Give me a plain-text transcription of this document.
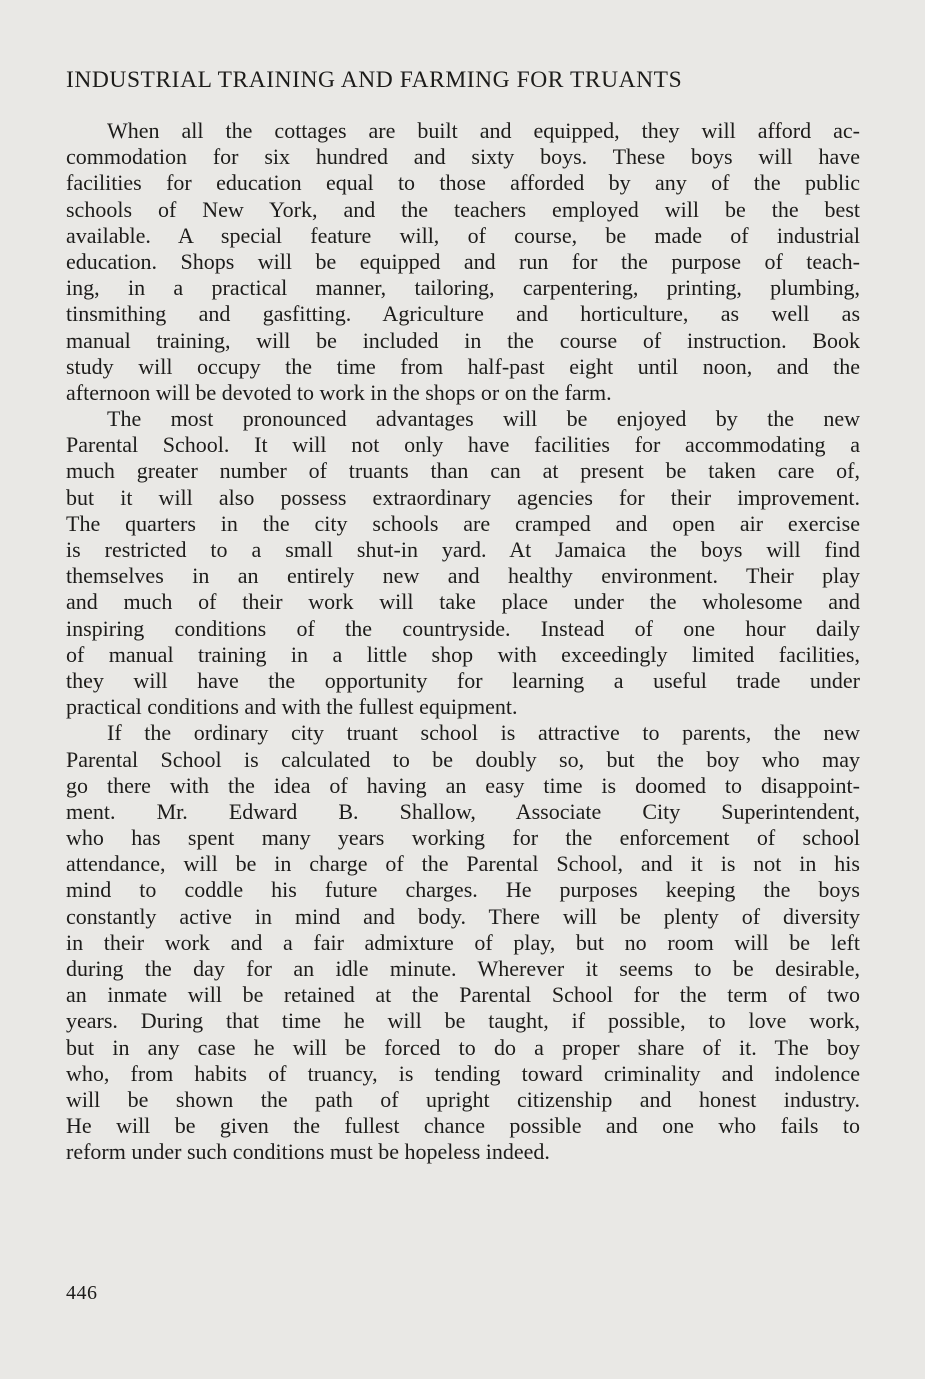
INDUSTRIAL TRAINING AND FARMING FOR TRUANTS
When all the cottages are built and equipped, they will afford ac-
commodation for six hundred and sixty boys. These boys will have
facilities for education equal to those afforded by any of the public
schools of New York, and the teachers employed will be the best
available. A special feature will, of course, be made of industrial
education. Shops will be equipped and run for the purpose of teach-
ing, in a practical manner, tailoring, carpentering, printing, plumbing,
tinsmithing and gasfitting. Agriculture and horticulture, as well as
manual training, will be included in the course of instruction. Book
study will occupy the time from half-past eight until noon, and the
afternoon will be devoted to work in the shops or on the farm.
The most pronounced advantages will be enjoyed by the new
Parental School. It will not only have facilities for accommodating a
much greater number of truants than can at present be taken care of,
but it will also possess extraordinary agencies for their improvement.
The quarters in the city schools are cramped and open air exercise
is restricted to a small shut-in yard. At Jamaica the boys will find
themselves in an entirely new and healthy environment. Their play
and much of their work will take place under the wholesome and
inspiring conditions of the countryside. Instead of one hour daily
of manual training in a little shop with exceedingly limited facilities,
they will have the opportunity for learning a useful trade under
practical conditions and with the fullest equipment.
If the ordinary city truant school is attractive to parents, the new
Parental School is calculated to be doubly so, but the boy who may
go there with the idea of having an easy time is doomed to disappoint-
ment. Mr. Edward B. Shallow, Associate City Superintendent,
who has spent many years working for the enforcement of school
attendance, will be in charge of the Parental School, and it is not in his
mind to coddle his future charges. He purposes keeping the boys
constantly active in mind and body. There will be plenty of diversity
in their work and a fair admixture of play, but no room will be left
during the day for an idle minute. Wherever it seems to be desirable,
an inmate will be retained at the Parental School for the term of two
years. During that time he will be taught, if possible, to love work,
but in any case he will be forced to do a proper share of it. The boy
who, from habits of truancy, is tending toward criminality and indolence
will be shown the path of upright citizenship and honest industry.
He will be given the fullest chance possible and one who fails to
reform under such conditions must be hopeless indeed.
446
